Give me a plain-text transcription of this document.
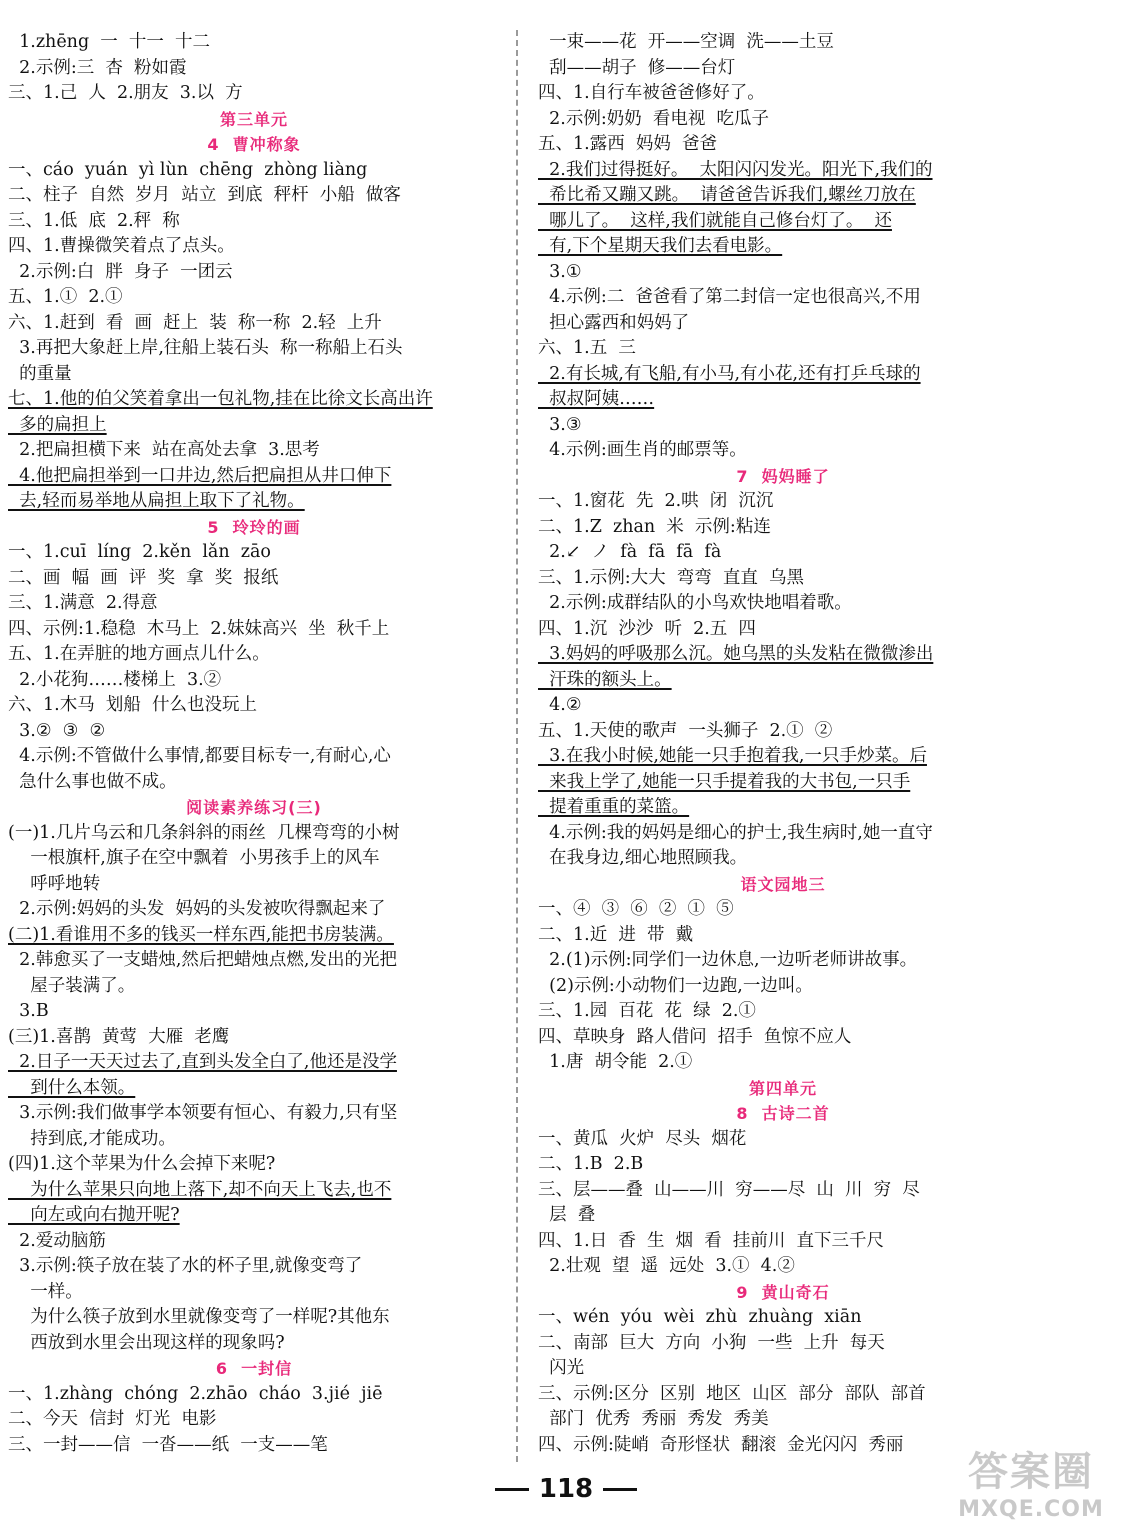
1.zhēng  一  十一  十二
2.示例:三  杏  粉如霞
三、1.己  人  2.朋友  3.以  方
第三单元
4  曹冲称象
一、cáo  yuán  yì lùn  chēng  zhòng liàng
二、柱子  自然  岁月  站立  到底  秤杆  小船  做客
三、1.低  底  2.秤  称
四、1.曹操微笑着点了点头。
2.示例:白  胖  身子  一团云
五、1.①  2.①
六、1.赶到  看  画  赶上  装  称一称  2.轻  上升
3.再把大象赶上岸,往船上装石头  称一称船上石头
的重量
七、1.他的伯父笑着拿出一包礼物,挂在比徐文长高出许
多的扁担上
2.把扁担横下来  站在高处去拿  3.思考
4.他把扁担举到一口井边,然后把扁担从井口伸下
去,轻而易举地从扁担上取下了礼物。
5  玲玲的画
一、1.cuī  líng  2.kěn  lǎn  zāo
二、画  幅  画  评  奖  拿  奖  报纸
三、1.满意  2.得意
四、示例:1.稳稳  木马上  2.妹妹高兴  坐  秋千上
五、1.在弄脏的地方画点儿什么。
2.小花狗……楼梯上  3.②
六、1.木马  划船  什么也没玩上
3.②  ③  ②
4.示例:不管做什么事情,都要目标专一,有耐心,心
急什么事也做不成。
阅读素养练习(三)
(一)1.几片乌云和几条斜斜的雨丝  几棵弯弯的小树
一根旗杆,旗子在空中飘着  小男孩手上的风车
呼呼地转
2.示例:妈妈的头发  妈妈的头发被吹得飘起来了
(二)1.看谁用不多的钱买一样东西,能把书房装满。
2.韩愈买了一支蜡烛,然后把蜡烛点燃,发出的光把
屋子装满了。
3.B
(三)1.喜鹊  黄莺  大雁  老鹰
2.日子一天天过去了,直到头发全白了,他还是没学
到什么本领。
3.示例:我们做事学本领要有恒心、有毅力,只有坚
持到底,才能成功。
(四)1.这个苹果为什么会掉下来呢?
为什么苹果只向地上落下,却不向天上飞去,也不
向左或向右抛开呢?
2.爱动脑筋
3.示例:筷子放在装了水的杯子里,就像变弯了
一样。
为什么筷子放到水里就像变弯了一样呢?其他东
西放到水里会出现这样的现象吗?
6  一封信
一、1.zhàng  chóng  2.zhāo  cháo  3.jié  jiē
二、今天  信封  灯光  电影
三、一封——信  一沓——纸  一支——笔
一束——花  开——空调  洗——土豆
刮——胡子  修——台灯
四、1.自行车被爸爸修好了。
2.示例:奶奶  看电视  吃瓜子
五、1.露西  妈妈  爸爸
2.我们过得挺好。  太阳闪闪发光。阳光下,我们的
希比希又蹦又跳。  请爸爸告诉我们,螺丝刀放在
哪儿了。  这样,我们就能自己修台灯了。  还
有,下个星期天我们去看电影。
3.①
4.示例:二  爸爸看了第二封信一定也很高兴,不用
担心露西和妈妈了
六、1.五  三
2.有长城,有飞船,有小马,有小花,还有打乒乓球的
叔叔阿姨……
3.③
4.示例:画生肖的邮票等。
7  妈妈睡了
一、1.窗花  先  2.哄  闭  沉沉
二、1.Z  zhan  米  示例:粘连
2.↙  ノ  fà  fā  fā  fà
三、1.示例:大大  弯弯  直直  乌黑
2.示例:成群结队的小鸟欢快地唱着歌。
四、1.沉  沙沙  听  2.五  四
3.妈妈的呼吸那么沉。她乌黑的头发粘在微微渗出
汗珠的额头上。
4.②
五、1.天使的歌声  一头狮子  2.①  ②
3.在我小时候,她能一只手抱着我,一只手炒菜。后
来我上学了,她能一只手提着我的大书包,一只手
提着重重的菜篮。
4.示例:我的妈妈是细心的护士,我生病时,她一直守
在我身边,细心地照顾我。
语文园地三
一、④  ③  ⑥  ②  ①  ⑤
二、1.近  进  带  戴
2.(1)示例:同学们一边休息,一边听老师讲故事。
(2)示例:小动物们一边跑,一边叫。
三、1.园  百花  花  绿  2.①
四、草映身  路人借问  招手  鱼惊不应人
1.唐  胡令能  2.①
第四单元
8  古诗二首
一、黄瓜  火炉  尽头  烟花
二、1.B  2.B
三、层——叠  山——川  穷——尽  山  川  穷  尽
层  叠
四、1.日  香  生  烟  看  挂前川  直下三千尺
2.壮观  望  遥  远处  3.①  4.②
9  黄山奇石
一、wén  yóu  wèi  zhù  zhuàng  xiān
二、南部  巨大  方向  小狗  一些  上升  每天
闪光
三、示例:区分  区别  地区  山区  部分  部队  部首
部门  优秀  秀丽  秀发  秀美
四、示例:陡峭  奇形怪状  翻滚  金光闪闪  秀丽
118	答案圈
MXQE.COM
